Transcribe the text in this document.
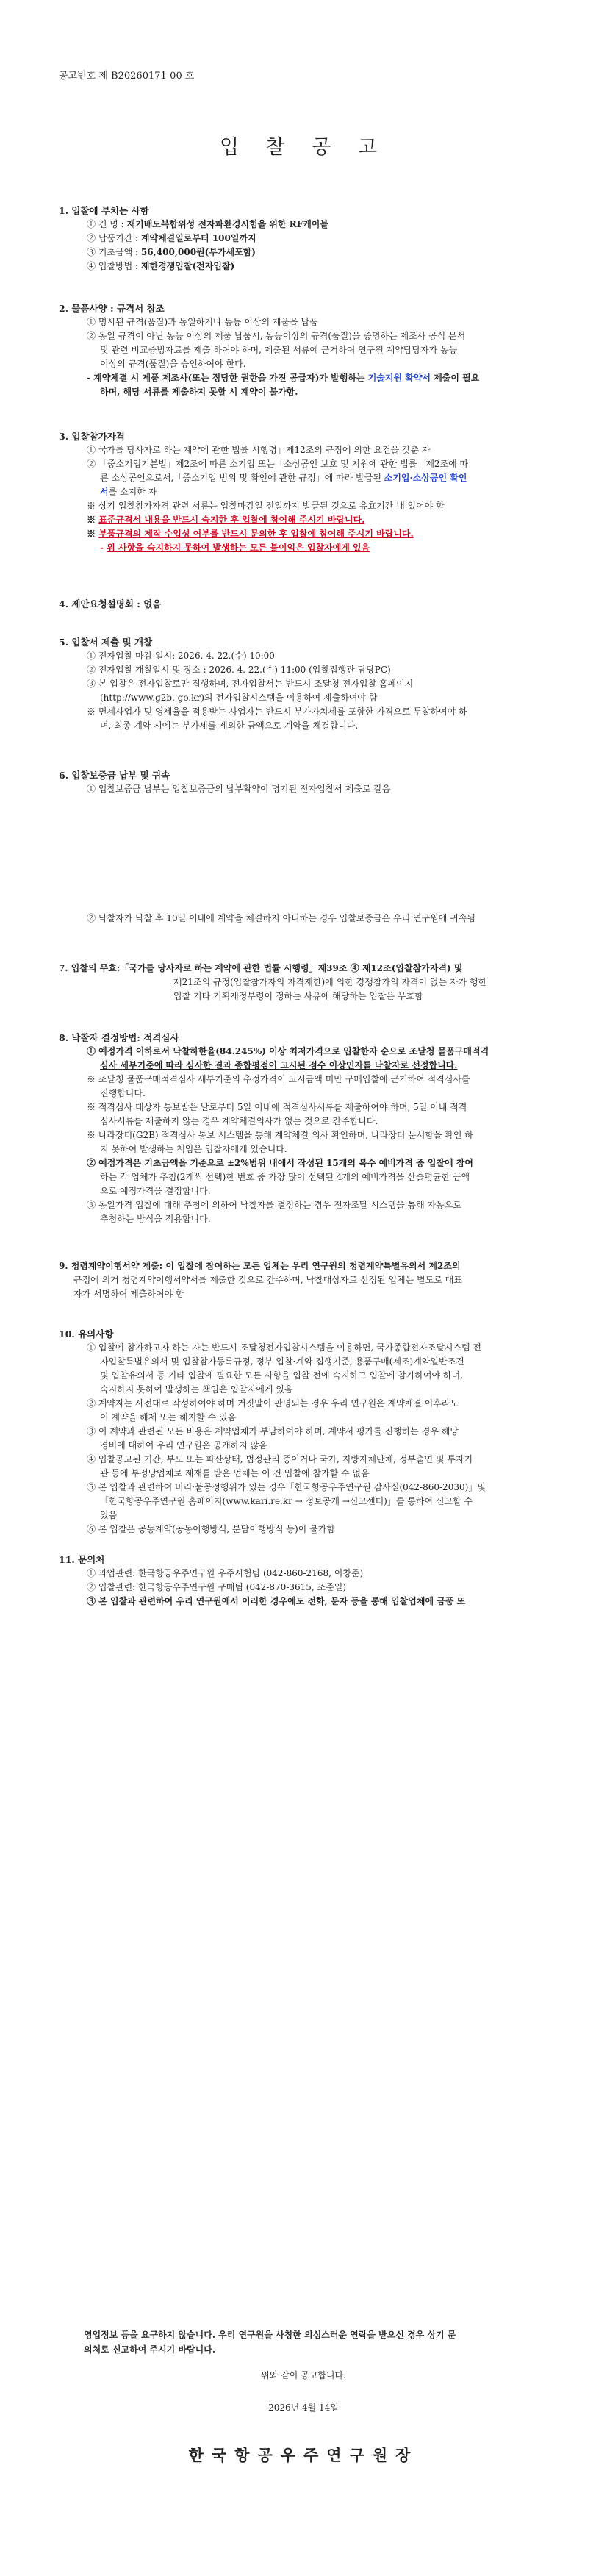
공고번호 제 B20260171-00 호
입 찰 공 고
1. 입찰에 부치는 사항
① 건 명 : 재기배도복합위성 전자파환경시험을 위한 RF케이블
② 납품기간 : 계약체결일로부터 100일까지
③ 기초금액 : 56,400,000원(부가세포함)
④ 입찰방법 : 제한경쟁입찰(전자입찰)
2. 물품사양 : 규격서 참조
① 명시된 규격(품질)과 동일하거나 동등 이상의 제품을 납품
② 동일 규격이 아닌 동등 이상의 제품 납품시, 동등이상의 규격(품질)을 증명하는 제조사 공식 문서
및 관련 비교증빙자료를 제출 하여야 하며, 제출된 서류에 근거하여 연구원 계약담당자가 동등
이상의 규격(품질)을 승인하여야 한다.
- 계약체결 시 제품 제조사(또는 정당한 권한을 가진 공급자)가 발행하는 기술지원 확약서 제출이 필요
하며, 해당 서류를 제출하지 못할 시 계약이 불가함.
3. 입찰참가자격
① 국가를 당사자로 하는 계약에 관한 법률 시행령」제12조의 규정에 의한 요건을 갖춘 자
② 「중소기업기본법」제2조에 따른 소기업 또는「소상공인 보호 및 지원에 관한 법률」제2조에 따
른 소상공인으로서,「중소기업 범위 및 확인에 관한 규정」에 따라 발급된 소기업·소상공인 확인
서를 소지한 자
※ 상기 입찰참가자격 관련 서류는 입찰마감일 전일까지 발급된 것으로 유효기간 내 있어야 함
※ 표준규격서 내용을 반드시 숙지한 후 입찰에 참여해 주시기 바랍니다.
※ 부품규격의 제작 수입성 여부를 반드시 문의한 후 입찰에 참여해 주시기 바랍니다.
- 위 사항을 숙지하지 못하여 발생하는 모든 불이익은 입찰자에게 있음
4. 제안요청설명회 : 없음
5. 입찰서 제출 및 개찰
① 전자입찰 마감 일시: 2026. 4. 22.(수) 10:00
② 전자입찰 개찰일시 및 장소 : 2026. 4. 22.(수) 11:00 (입찰집행관 담당PC)
③ 본 입찰은 전자입찰로만 집행하며, 전자입찰서는 반드시 조달청 전자입찰 홈페이지
(http://www.g2b. go.kr)의 전자입찰시스템을 이용하여 제출하여야 함
※ 면세사업자 및 영세율을 적용받는 사업자는 반드시 부가가치세를 포함한 가격으로 투찰하여야 하
며, 최종 계약 시에는 부가세를 제외한 금액으로 계약을 체결합니다.
6. 입찰보증금 납부 및 귀속
① 입찰보증금 납부는 입찰보증금의 납부확약이 명기된 전자입찰서 제출로 갈음
② 낙찰자가 낙찰 후 10일 이내에 계약을 체결하지 아니하는 경우 입찰보증금은 우리 연구원에 귀속됨
7. 입찰의 무효:「국가를 당사자로 하는 계약에 관한 법률 시행령」제39조 ④ 제12조(입찰참가자격) 및
제21조의 규정(입찰참가자의 자격제한)에 의한 경쟁참가의 자격이 없는 자가 행한
입찰 기타 기획재정부령이 정하는 사유에 해당하는 입찰은 무효함
8. 낙찰자 결정방법: 적격심사
① 예정가격 이하로서 낙찰하한율(84.245%) 이상 최저가격으로 입찰한자 순으로 조달청 물품구매적격
심사 세부기준에 따라 심사한 결과 종합평점이 고시된 점수 이상인자를 낙찰자로 선정합니다.
※ 조달청 물품구매적격심사 세부기준의 추정가격이 고시금액 미만 구매입찰에 근거하여 적격심사를
진행합니다.
※ 적격심사 대상자 통보받은 날로부터 5일 이내에 적격심사서류를 제출하여야 하며, 5일 이내 적격
심사서류를 제출하지 않는 경우 계약체결의사가 없는 것으로 간주합니다.
※ 나라장터(G2B) 적격심사 통보 시스템을 통해 계약체결 의사 확인하며, 나라장터 문서함을 확인 하
지 못하여 발생하는 책임은 입찰자에게 있습니다.
② 예정가격은 기초금액을 기준으로 ±2%범위 내에서 작성된 15개의 복수 예비가격 중 입찰에 참여
하는 각 업체가 추첨(2개씩 선택)한 번호 중 가장 많이 선택된 4개의 예비가격을 산술평균한 금액
으로 예정가격을 결정합니다.
③ 동일가격 입찰에 대해 추첨에 의하여 낙찰자를 결정하는 경우 전자조달 시스템을 통해 자동으로
추첨하는 방식을 적용합니다.
9. 청렴계약이행서약 제출: 이 입찰에 참여하는 모든 업체는 우리 연구원의 청렴계약특별유의서 제2조의
규정에 의거 청렴계약이행서약서를 제출한 것으로 간주하며, 낙찰대상자로 선정된 업체는 별도로 대표
자가 서명하여 제출하여야 함
10. 유의사항
① 입찰에 참가하고자 하는 자는 반드시 조달청전자입찰시스템을 이용하면, 국가종합전자조달시스템 전
자입찰특별유의서 및 입찰참가등록규정, 정부 입찰·계약 집행기준, 용품구매(제조)계약일반조건
및 입찰유의서 등 기타 입찰에 필요한 모든 사항을 입찰 전에 숙지하고 입찰에 참가하여야 하며,
숙지하지 못하여 발생하는 책임은 입찰자에게 있음
② 계약자는 사전대로 작성하여야 하며 거짓말이 판명되는 경우 우리 연구원은 계약체결 이후라도
이 계약을 해제 또는 해지할 수 있음
③ 이 계약과 관련된 모든 비용은 계약업체가 부담하여야 하며, 계약서 평가를 진행하는 경우 해당
경비에 대하여 우리 연구원은 공개하지 않음
④ 입찰공고된 기간, 부도 또는 파산상태, 법정관리 중이거나 국가, 지방자체단체, 정부출연 및 투자기
관 등에 부정당업체로 제재를 받은 업체는 이 건 입찰에 참가할 수 없음
⑤ 본 입찰과 관련하여 비리·불공정행위가 있는 경우「한국항공우주연구원 감사실(042-860-2030)」및
「한국항공우주연구원 홈페이지(www.kari.re.kr → 정보공개 →신고센터)」를 통하여 신고할 수
있음
⑥ 본 입찰은 공동계약(공동이행방식, 분담이행방식 등)이 불가함
11. 문의처
① 과업관련: 한국항공우주연구원 우주시험팀 (042-860-2168, 이창준)
② 입찰관련: 한국항공우주연구원 구매팀 (042-870-3615, 조준일)
③ 본 입찰과 관련하여 우리 연구원에서 이러한 경우에도 전화, 문자 등을 통해 입찰업체에 금품 또
영업정보 등을 요구하지 않습니다. 우리 연구원을 사칭한 의심스러운 연락을 받으신 경우 상기 문
의처로 신고하여 주시기 바랍니다.
위와 같이 공고합니다.
2026년 4월 14일
한국항공우주연구원장
